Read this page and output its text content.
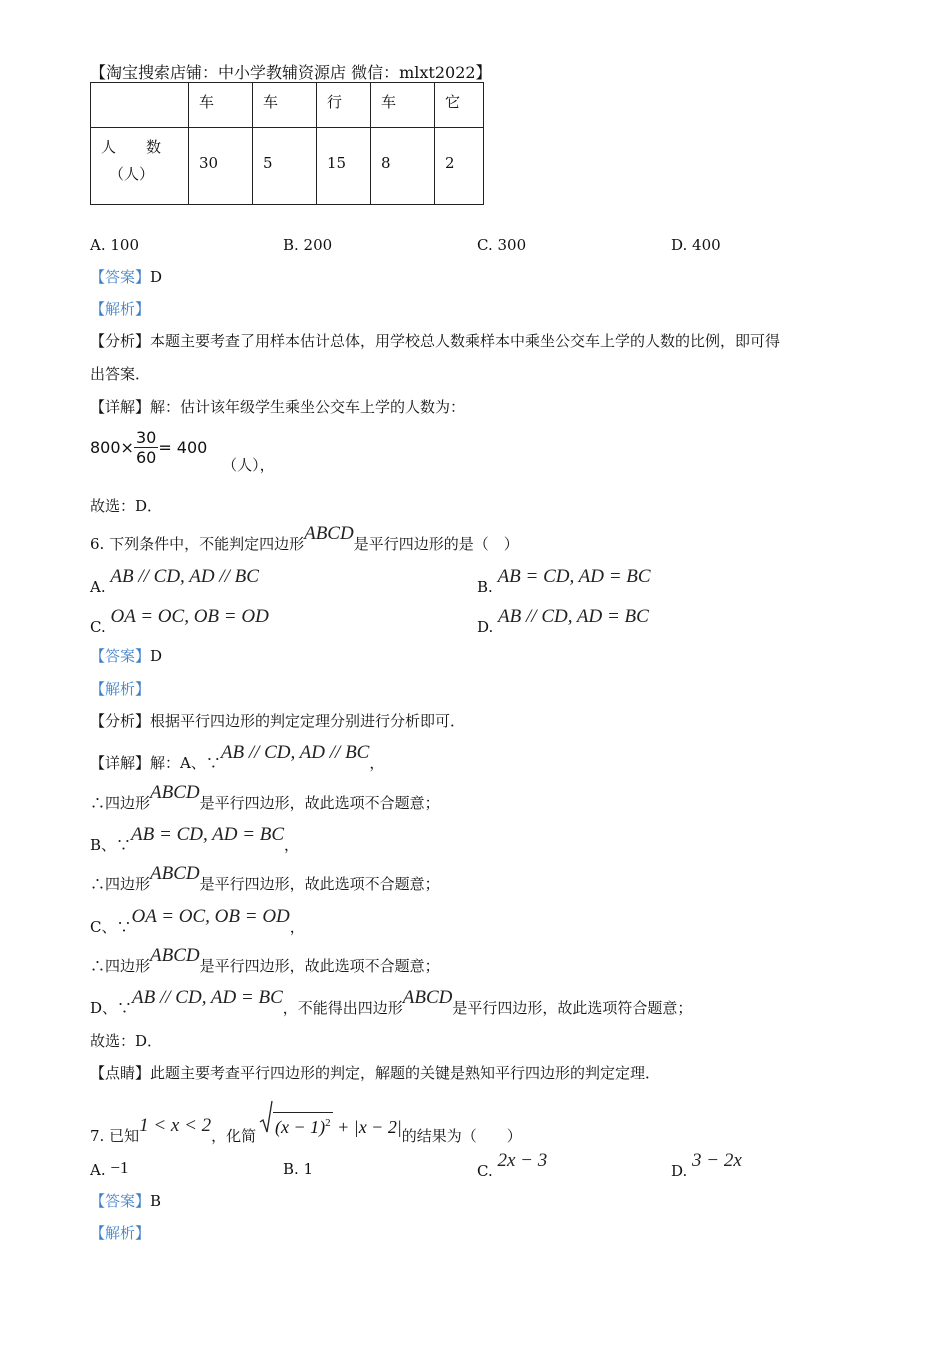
【淘宝搜索店铺：中小学教辅资源店 微信：mlxt2022】
	车	车	行	车	它

人　　数
（人）	30	5	15	8	2
A. 100	B. 200	C. 300	D. 400
【答案】D
【解析】
【分析】本题主要考查了用样本估计总体，用学校总人数乘样本中乘坐公交车上学的人数的比例，即可得
出答案．
【详解】解：估计该年级学生乘坐公交车上学的人数为：
$800\times \frac{30}{60} = 400$ （人），
故选：D．
6. 下列条件中，不能判定四边形ABCD是平行四边形的是（　）
A. AB // CD, AD // BC	B. AB = CD, AD = BC
C. OA = OC, OB = OD	D. AB // CD, AD = BC
【答案】D
【解析】
【分析】根据平行四边形的判定定理分别进行分析即可．
【详解】解：A、∵AB // CD, AD // BC，
∴四边形ABCD是平行四边形，故此选项不合题意；
B、∵AB = CD, AD = BC，
∴四边形ABCD是平行四边形，故此选项不合题意；
C、∵OA = OC, OB = OD，
∴四边形ABCD是平行四边形，故此选项不合题意；
D、∵AB // CD, AD = BC，不能得出四边形ABCD是平行四边形，故此选项符合题意；
故选：D．
【点睛】此题主要考查平行四边形的判定，解题的关键是熟知平行四边形的判定定理．
7. 已知1 < x < 2，化简 $(x - 1)^2 + |x - 2|$的结果为（　　）
A. −1	B. 1	C. 2x − 3	D. 3 − 2x
【答案】B
【解析】
